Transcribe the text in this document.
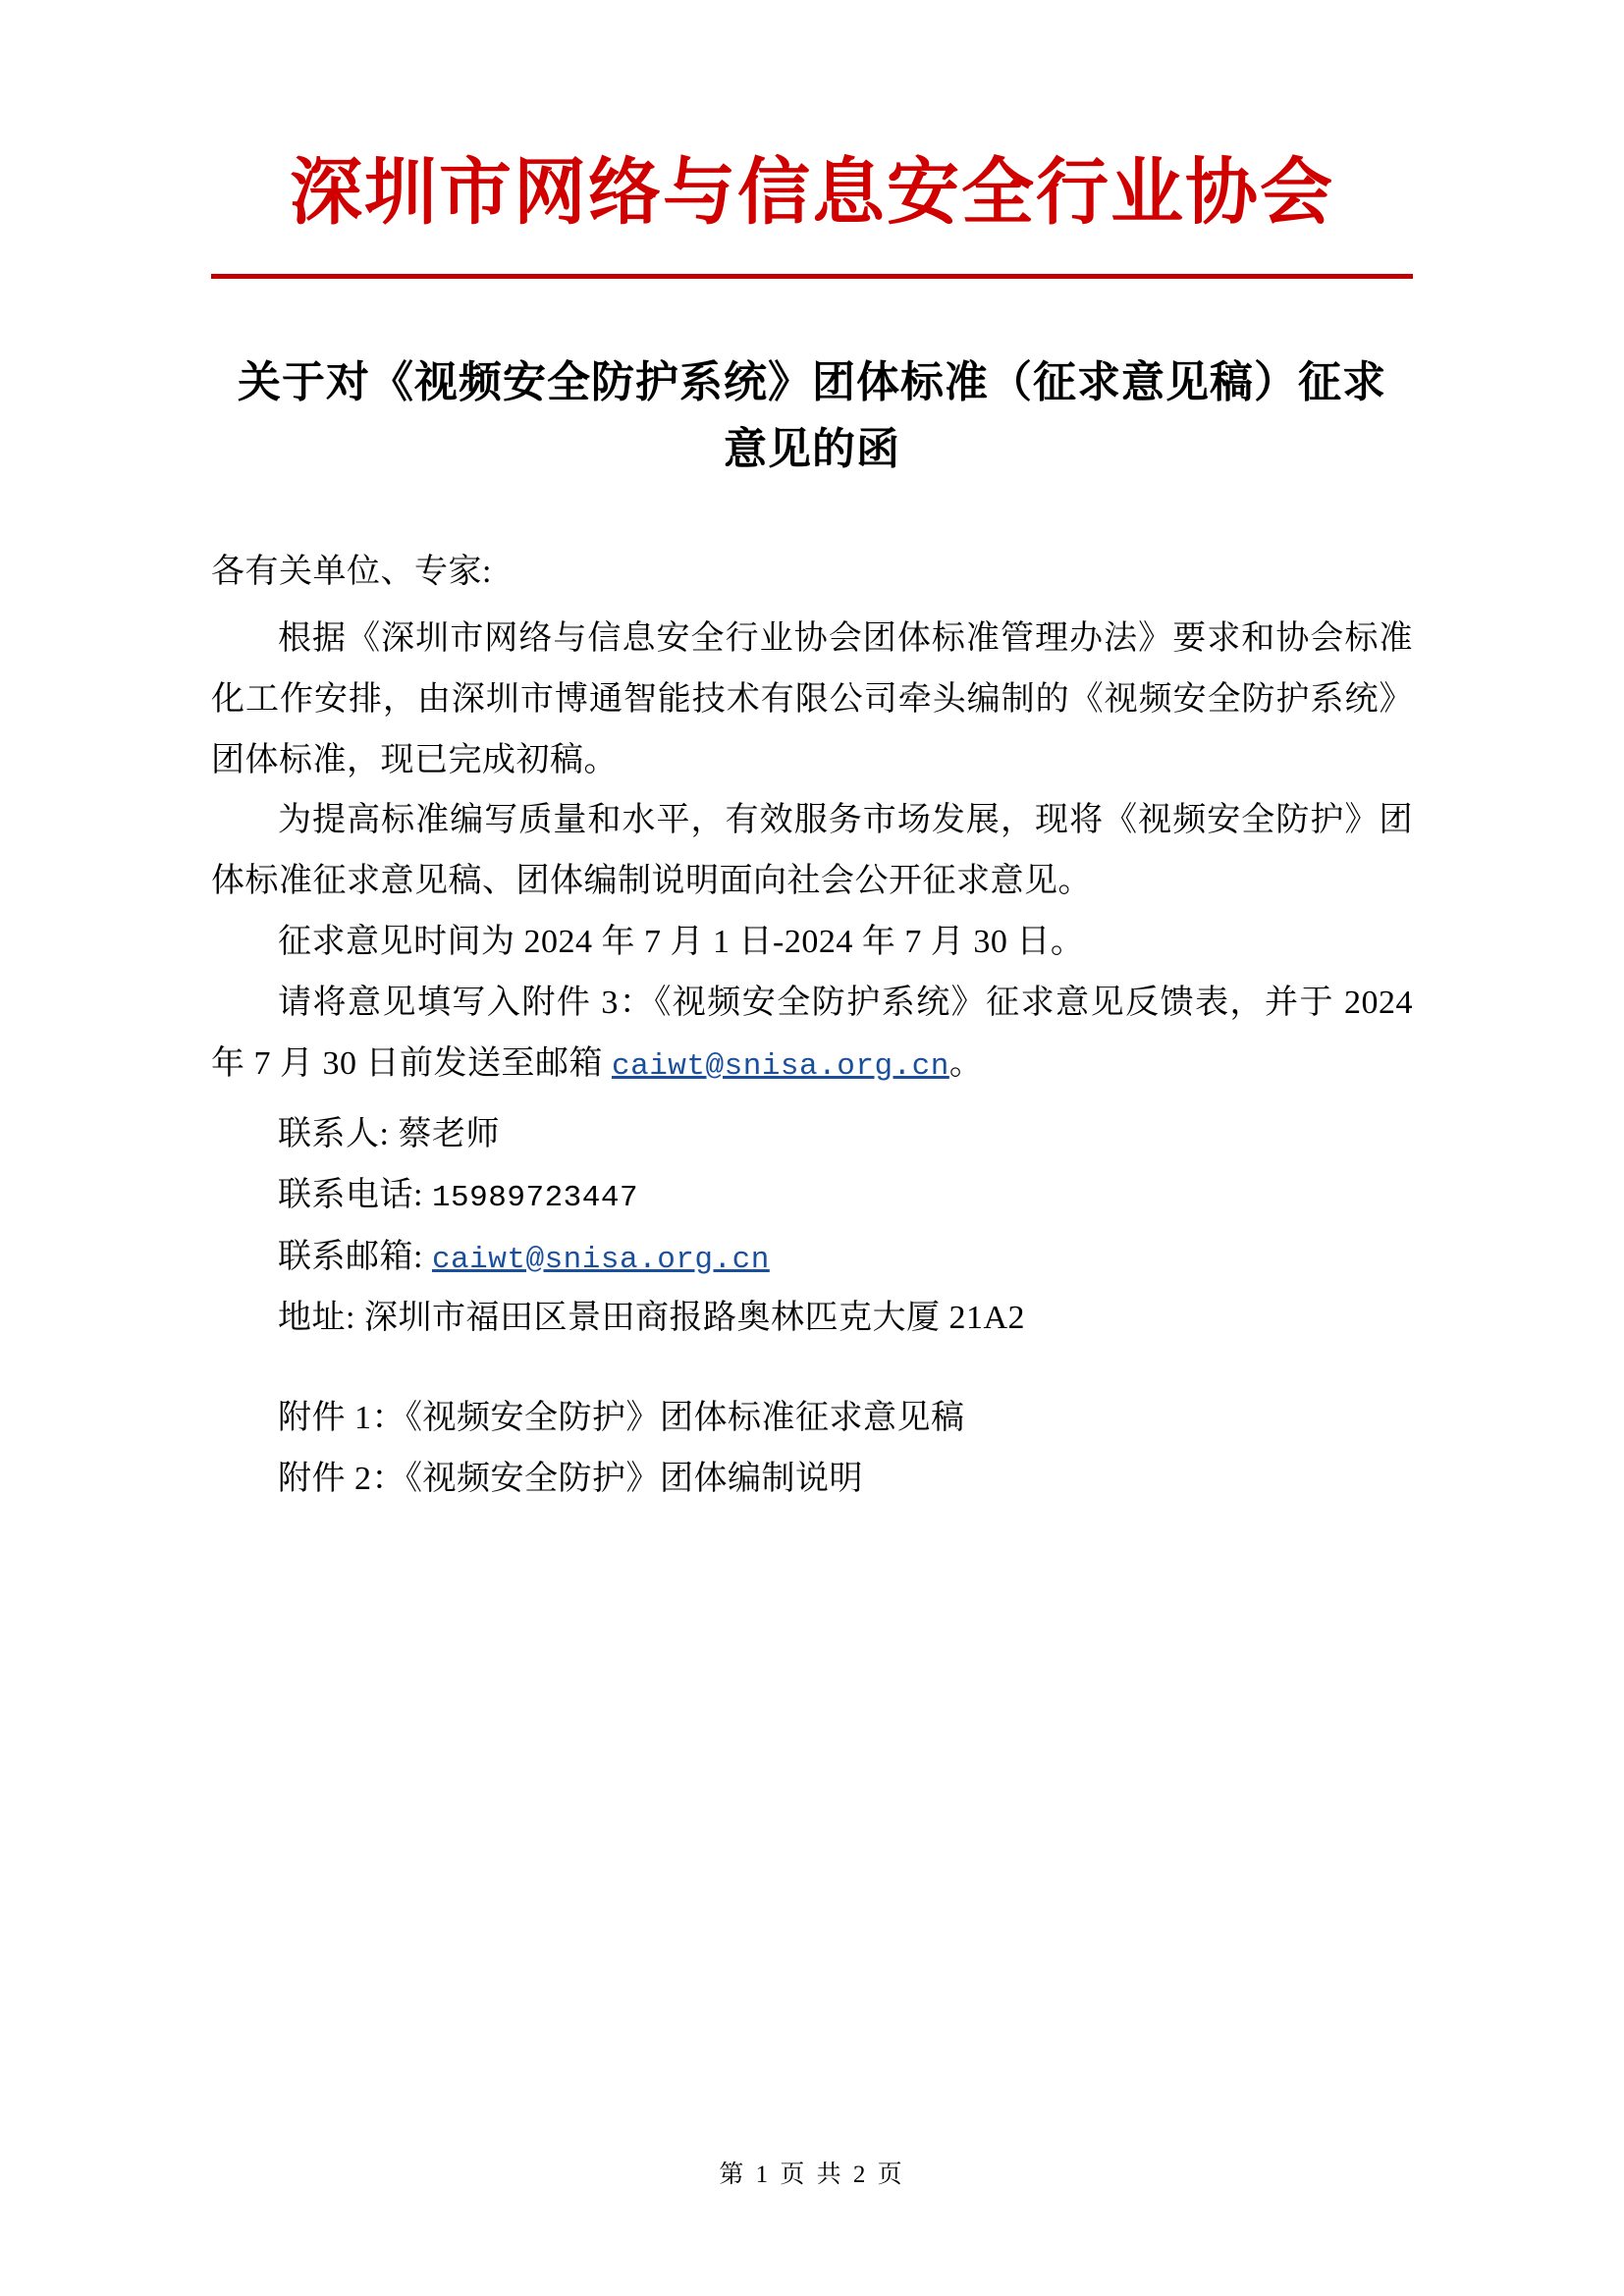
深圳市网络与信息安全行业协会
关于对《视频安全防护系统》团体标准（征求意见稿）征求意见的函

各有关单位、专家:

根据《深圳市网络与信息安全行业协会团体标准管理办法》要求和协会标准化工作安排，由深圳市博通智能技术有限公司牵头编制的《视频安全防护系统》团体标准，现已完成初稿。

为提高标准编写质量和水平，有效服务市场发展，现将《视频安全防护》团体标准征求意见稿、团体编制说明面向社会公开征求意见。

征求意见时间为 2024 年 7 月 1 日-2024 年 7 月 30 日。

请将意见填写入附件 3：《视频安全防护系统》征求意见反馈表，并于 2024 年 7 月 30 日前发送至邮箱 caiwt@snisa.org.cn。

联系人: 蔡老师

联系电话: 15989723447

联系邮箱: caiwt@snisa.org.cn

地址: 深圳市福田区景田商报路奥林匹克大厦 21A2

附件 1：《视频安全防护》团体标准征求意见稿

附件 2：《视频安全防护》团体编制说明

第 1 页 共 2 页
